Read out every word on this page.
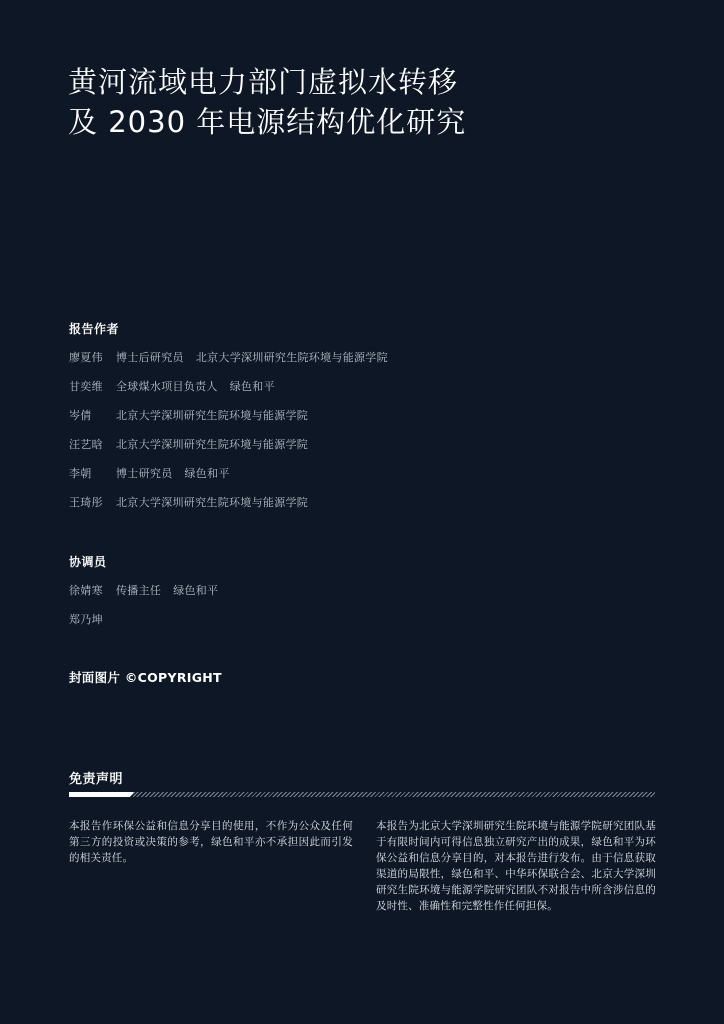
黄河流域电力部门虚拟水转移
及 2030 年电源结构优化研究
报告作者
廖夏伟 博士后研究员 北京大学深圳研究生院环境与能源学院
甘奕维 全球煤水项目负责人 绿色和平
岑倩 北京大学深圳研究生院环境与能源学院
汪艺晗 北京大学深圳研究生院环境与能源学院
李朝 博士研究员 绿色和平
王琦彤 北京大学深圳研究生院环境与能源学院
协调员
徐婧寒 传播主任 绿色和平
郑乃坤
封面图片 ©COPYRIGHT
免责声明

本报告作环保公益和信息分享目的使用，不作为公众及任何第三方的投资或决策的参考，绿色和平亦不承担因此而引发的相关责任。

本报告为北京大学深圳研究生院环境与能源学院研究团队基于有限时间内可得信息独立研究产出的成果，绿色和平为环保公益和信息分享目的，对本报告进行发布。由于信息获取渠道的局限性，绿色和平、中华环保联合会、北京大学深圳研究生院环境与能源学院研究团队不对报告中所含涉信息的及时性、准确性和完整性作任何担保。
